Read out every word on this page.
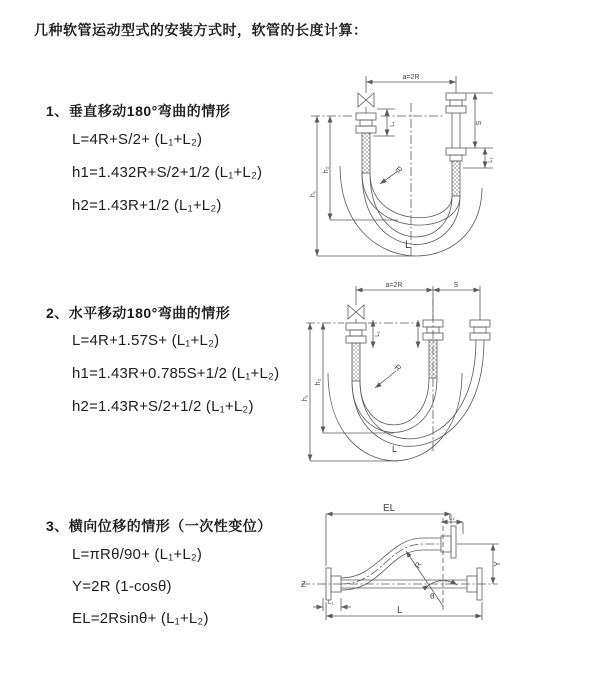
几种软管运动型式的安装方式时，软管的长度计算：
1、垂直移动180°弯曲的情形
L=4R+S/2+ (L₁+L₂)
h1=1.432R+S/2+1/2 (L₁+L₂)
h2=1.43R+1/2 (L₁+L₂)
2、水平移动180°弯曲的情形
L=4R+1.57S+ (L₁+L₂)
h1=1.43R+0.785S+1/2 (L₁+L₂)
h2=1.43R+S/2+1/2 (L₁+L₂)
3、横向位移的情形（一次性变位）
L=πRθ/90+ (L₁+L₂)
Y=2R (1-cosθ)
EL=2Rsinθ+ (L₁+L₂)
a=2R
S
L₁
L₁
h₂
h₁
R
L
a=2R	S
h₁
h₂
L₁
R
L
EL
L₂
Y
L
L₁
R
θ
Z
